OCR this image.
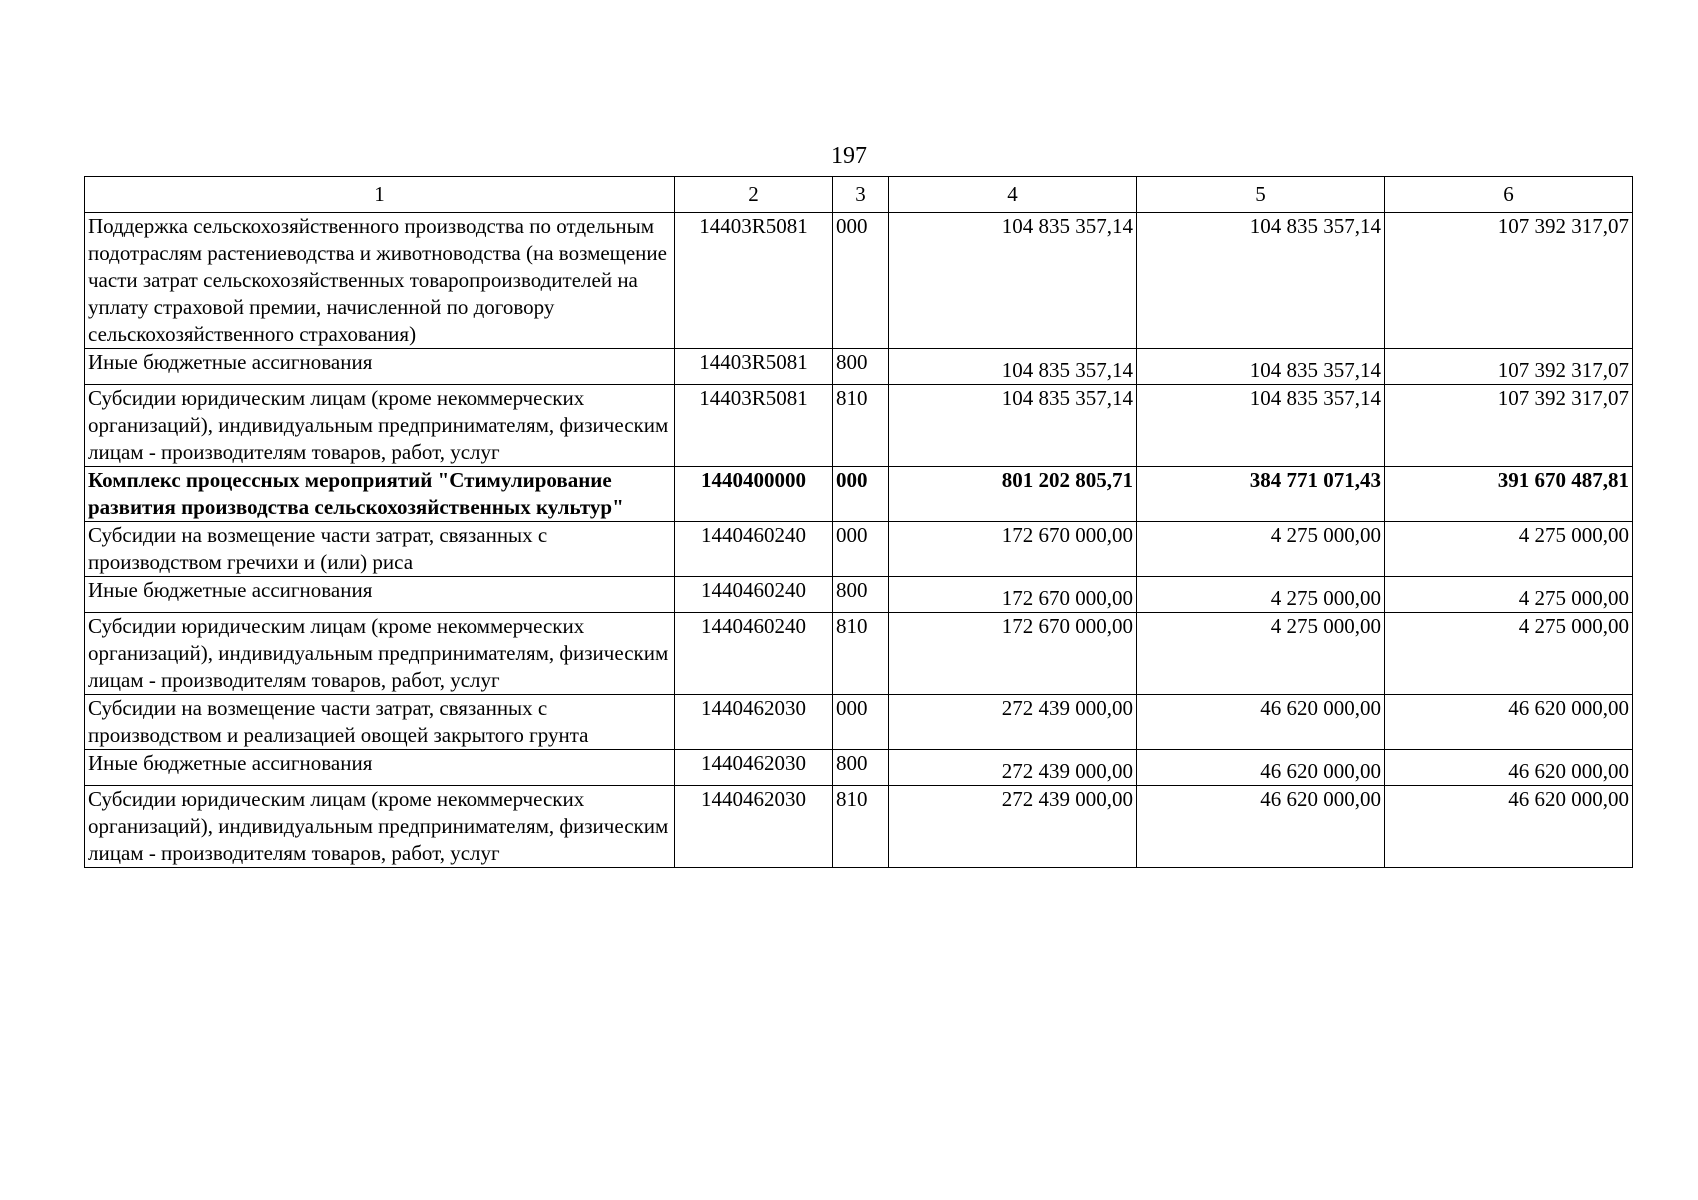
197
1	2	3	4	5	6
Поддержка сельскохозяйственного производства по отдельным подотраслям растениеводства и животноводства (на возмещение части затрат сельскохозяйственных товаропроизводителей на уплату страховой премии, начисленной по договору сельскохозяйственного страхования)	14403R5081	000	104 835 357,14	104 835 357,14	107 392 317,07
Иные бюджетные ассигнования	14403R5081	800	104 835 357,14	104 835 357,14	107 392 317,07
Субсидии юридическим лицам (кроме некоммерческих организаций), индивидуальным предпринимателям, физическим лицам - производителям товаров, работ, услуг	14403R5081	810	104 835 357,14	104 835 357,14	107 392 317,07
Комплекс процессных мероприятий "Стимулирование развития производства сельскохозяйственных культур"	1440400000	000	801 202 805,71	384 771 071,43	391 670 487,81
Субсидии на возмещение части затрат, связанных с производством гречихи и (или) риса	1440460240	000	172 670 000,00	4 275 000,00	4 275 000,00
Иные бюджетные ассигнования	1440460240	800	172 670 000,00	4 275 000,00	4 275 000,00
Субсидии юридическим лицам (кроме некоммерческих организаций), индивидуальным предпринимателям, физическим лицам - производителям товаров, работ, услуг	1440460240	810	172 670 000,00	4 275 000,00	4 275 000,00
Субсидии на возмещение части затрат, связанных с производством и реализацией овощей закрытого грунта	1440462030	000	272 439 000,00	46 620 000,00	46 620 000,00
Иные бюджетные ассигнования	1440462030	800	272 439 000,00	46 620 000,00	46 620 000,00
Субсидии юридическим лицам (кроме некоммерческих организаций), индивидуальным предпринимателям, физическим лицам - производителям товаров, работ, услуг	1440462030	810	272 439 000,00	46 620 000,00	46 620 000,00
